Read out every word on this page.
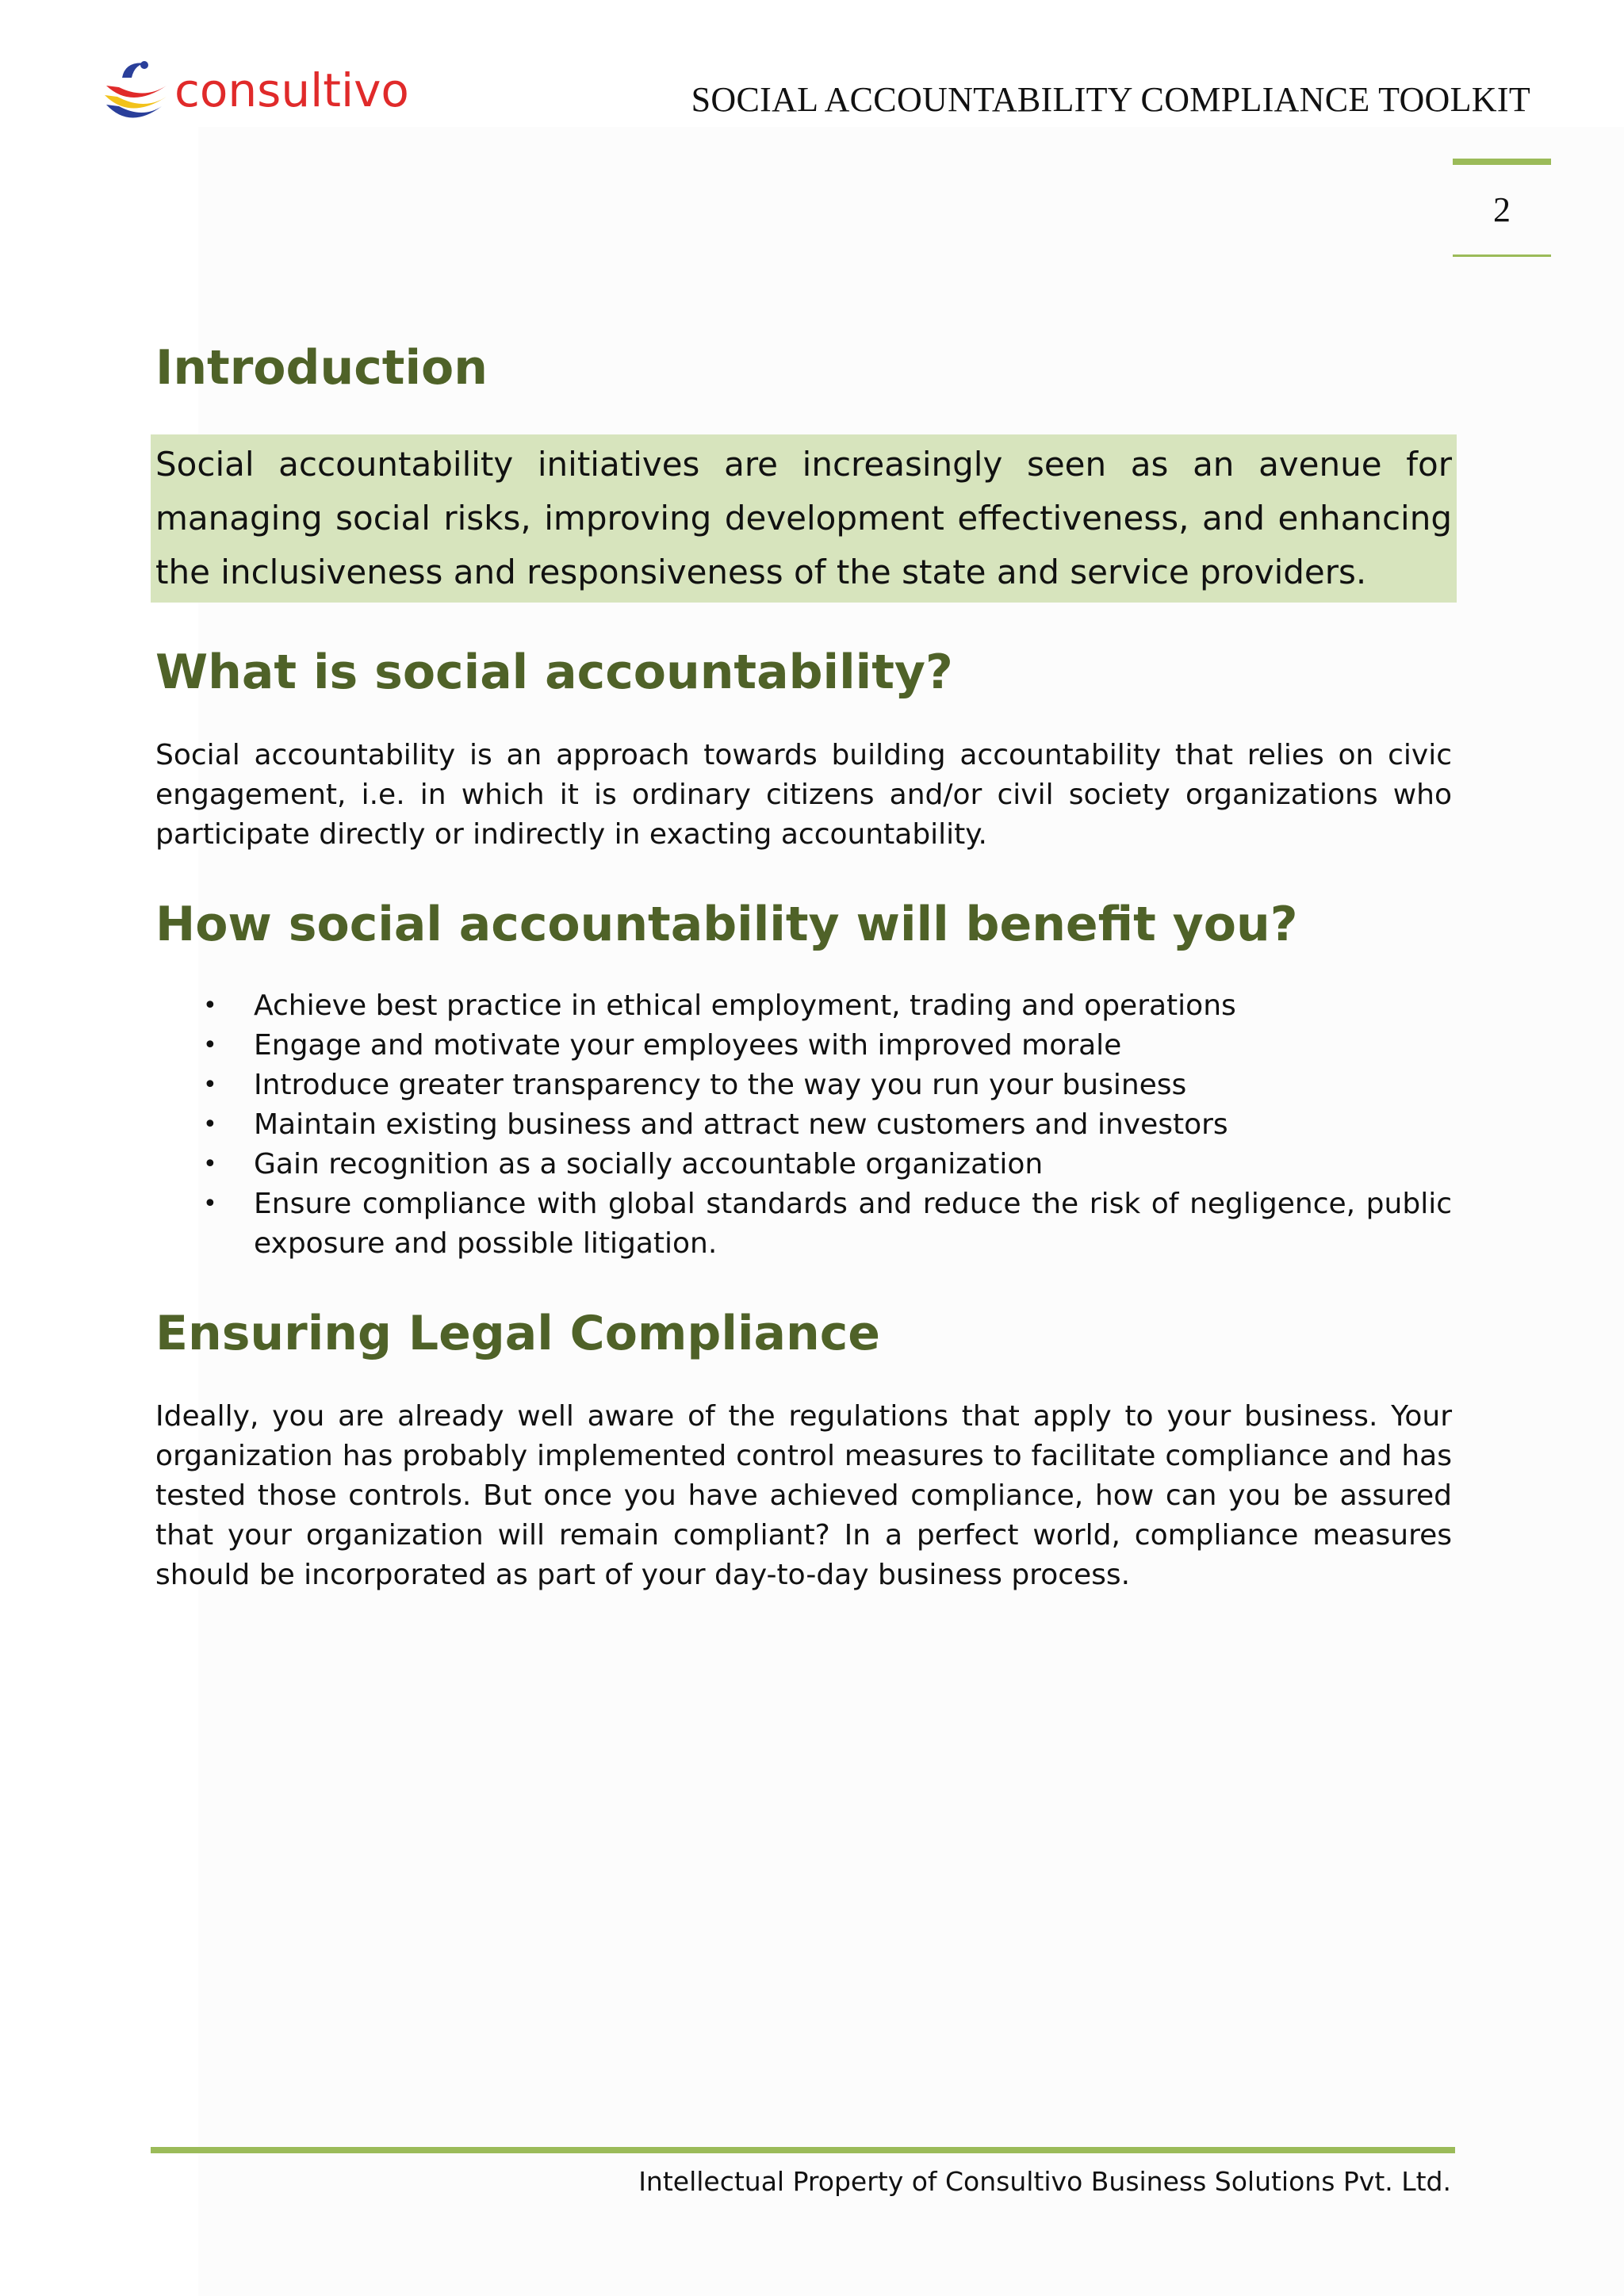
consultivo	SOCIAL ACCOUNTABILITY COMPLIANCE TOOLKIT
2
Introduction

Social accountability initiatives are increasingly seen as an avenue for managing social risks, improving development effectiveness, and enhancing the inclusiveness and responsiveness of the state and service providers.

What is social accountability?

Social accountability is an approach towards building accountability that relies on civic engagement, i.e. in which it is ordinary citizens and/or civil society organizations who participate directly or indirectly in exacting accountability.

How social accountability will benefit you?
• Achieve best practice in ethical employment, trading and operations
• Engage and motivate your employees with improved morale
• Introduce greater transparency to the way you run your business
• Maintain existing business and attract new customers and investors
• Gain recognition as a socially accountable organization
• Ensure compliance with global standards and reduce the risk of negligence, public exposure and possible litigation.
Ensuring Legal Compliance

Ideally, you are already well aware of the regulations that apply to your business. Your organization has probably implemented control measures to facilitate compliance and has tested those controls. But once you have achieved compliance, how can you be assured that your organization will remain compliant? In a perfect world, compliance measures should be incorporated as part of your day-to-day business process.

Intellectual Property of Consultivo Business Solutions Pvt. Ltd.
